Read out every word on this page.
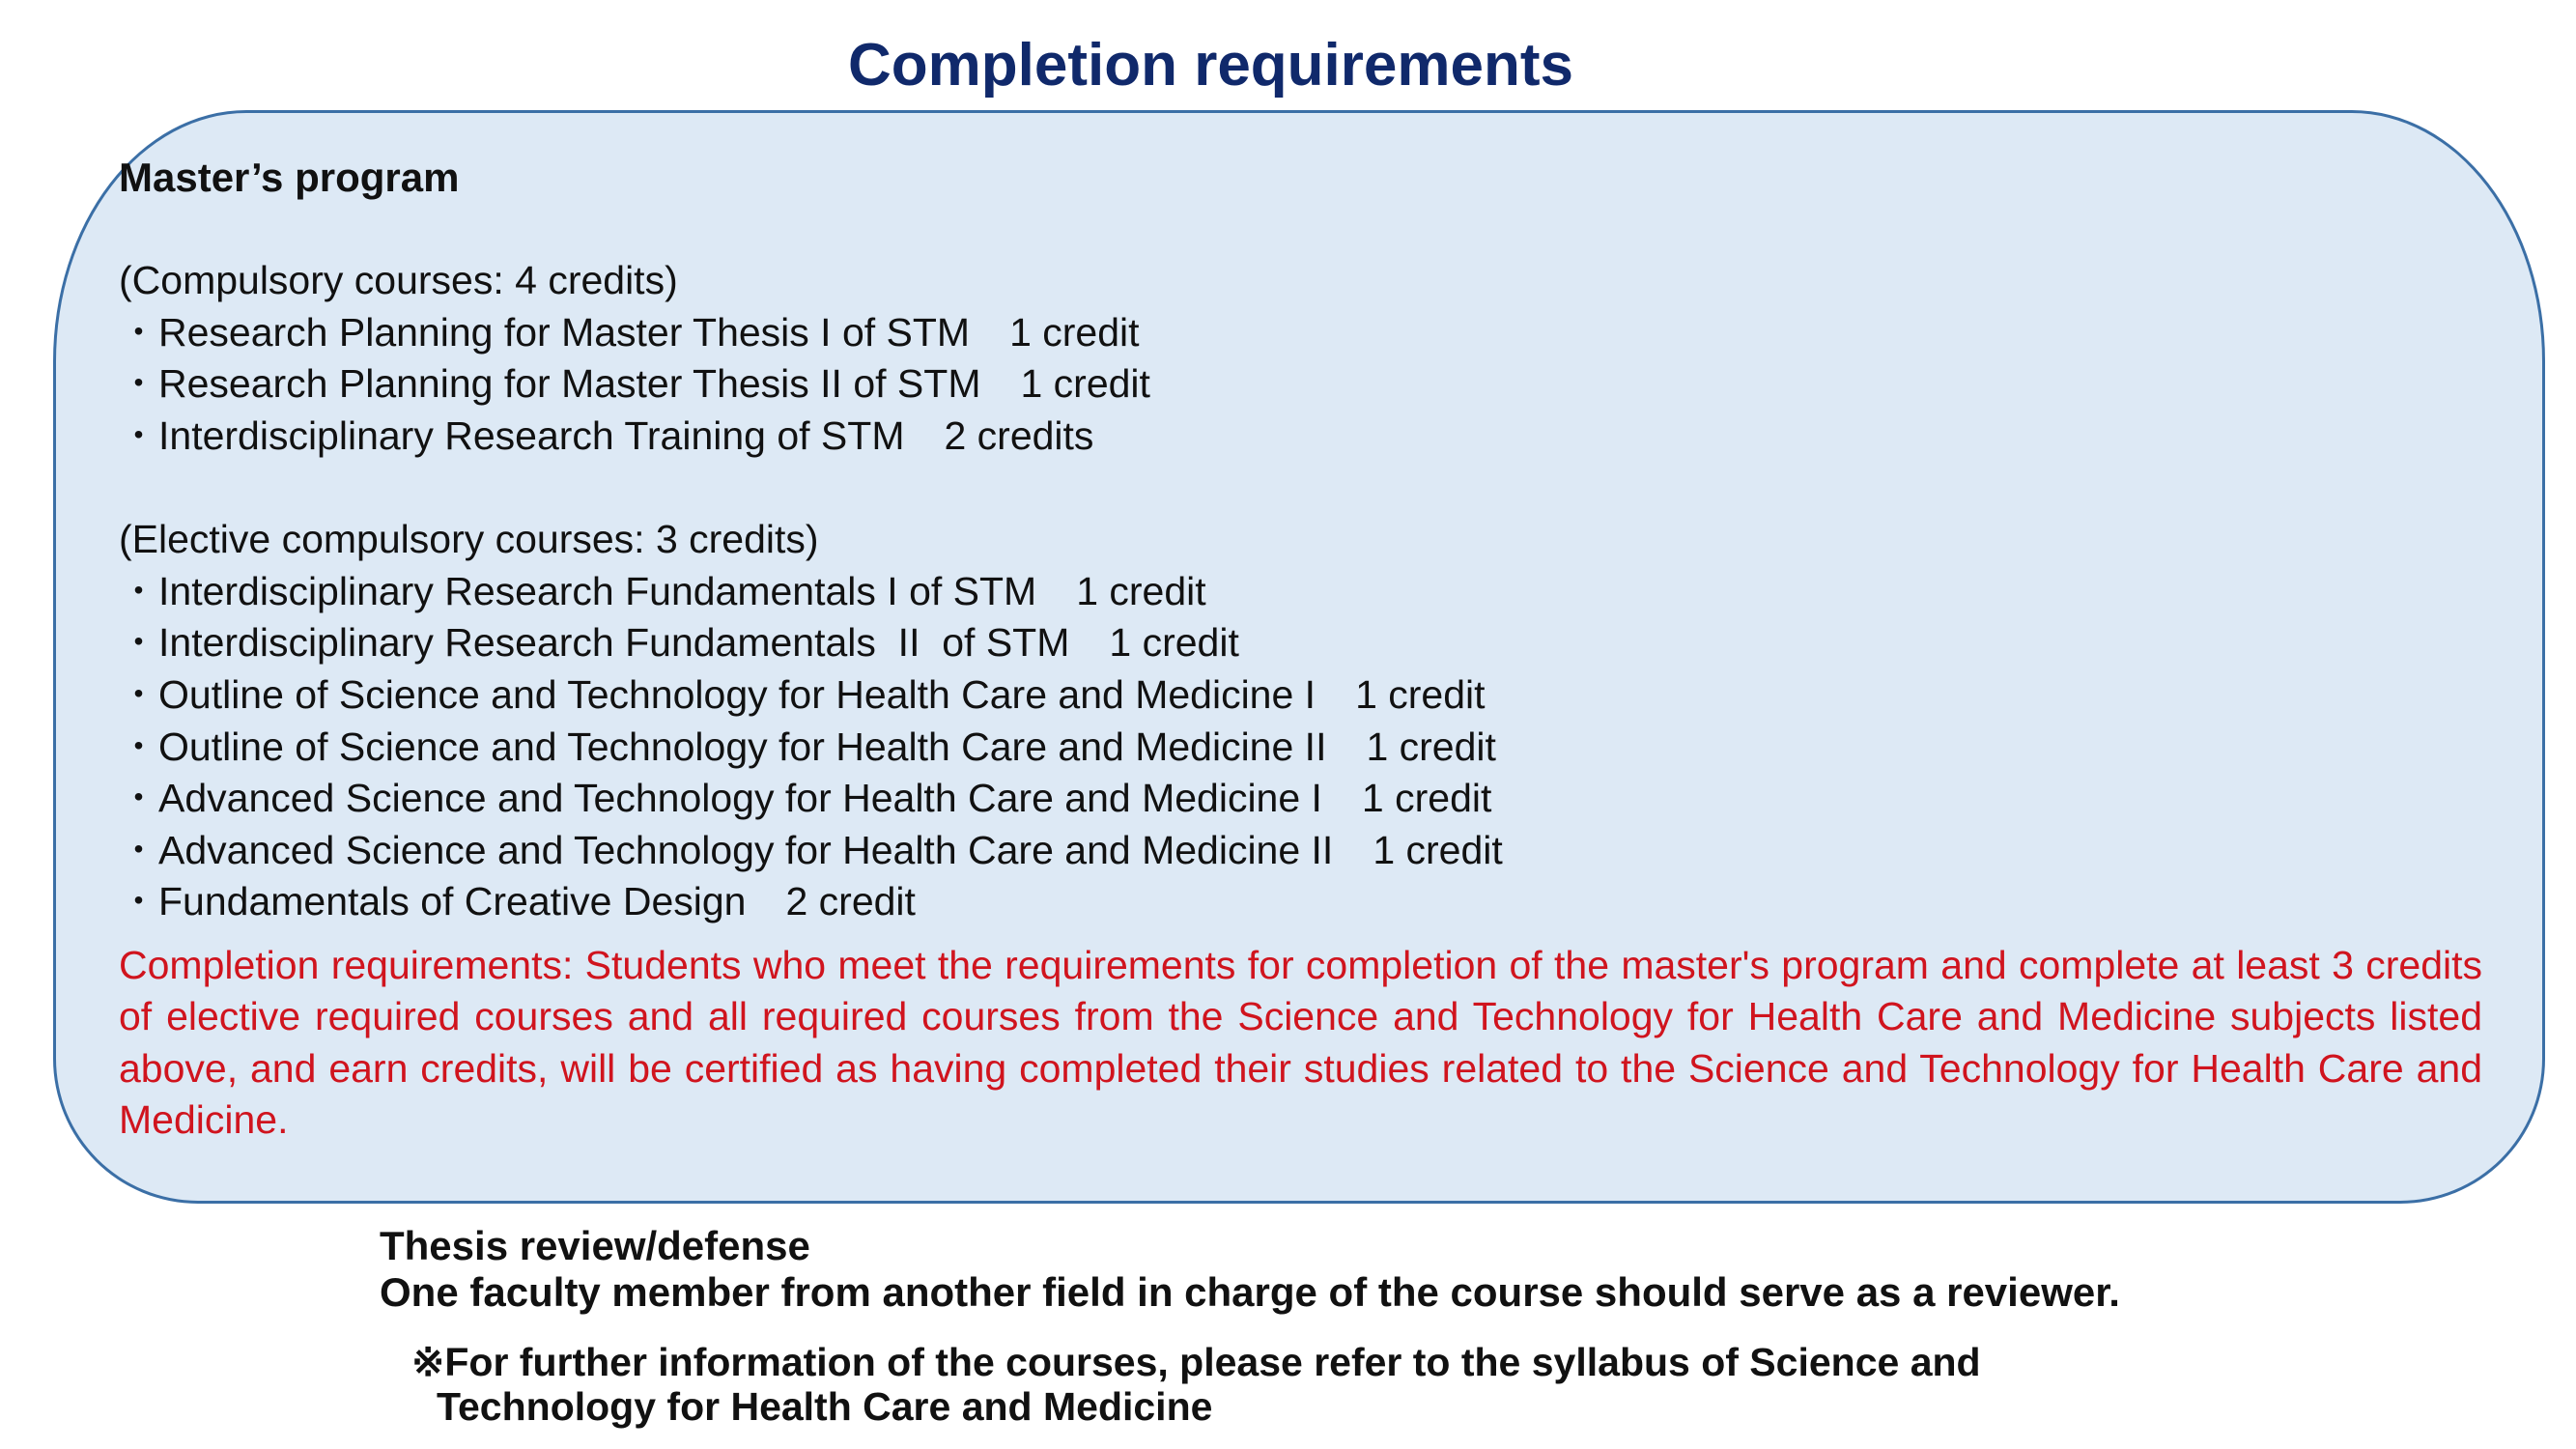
Completion requirements
Master’s program
(Compulsory courses: 4 credits)
・Research Planning for Master Thesis I of STM　1 credit
・Research Planning for Master Thesis II of STM　1 credit
・Interdisciplinary Research Training of STM　2 credits
(Elective compulsory courses: 3 credits)
・Interdisciplinary Research Fundamentals I of STM　1 credit
・Interdisciplinary Research Fundamentals  II  of STM　1 credit
・Outline of Science and Technology for Health Care and Medicine I　1 credit
・Outline of Science and Technology for Health Care and Medicine II　1 credit
・Advanced Science and Technology for Health Care and Medicine I　1 credit
・Advanced Science and Technology for Health Care and Medicine II　1 credit
・Fundamentals of Creative Design　2 credit
Completion requirements: Students who meet the requirements for completion of the master's program and complete at least 3 credits of elective required courses and all required courses from the Science and Technology for Health Care and Medicine subjects listed above, and earn credits, will be certified as having completed their studies related to the Science and Technology for Health Care and Medicine.
Thesis review/defense
One faculty member from another field in charge of the course should serve as a reviewer.
※For further information of the courses, please refer to the syllabus of Science and
Technology for Health Care and Medicine
